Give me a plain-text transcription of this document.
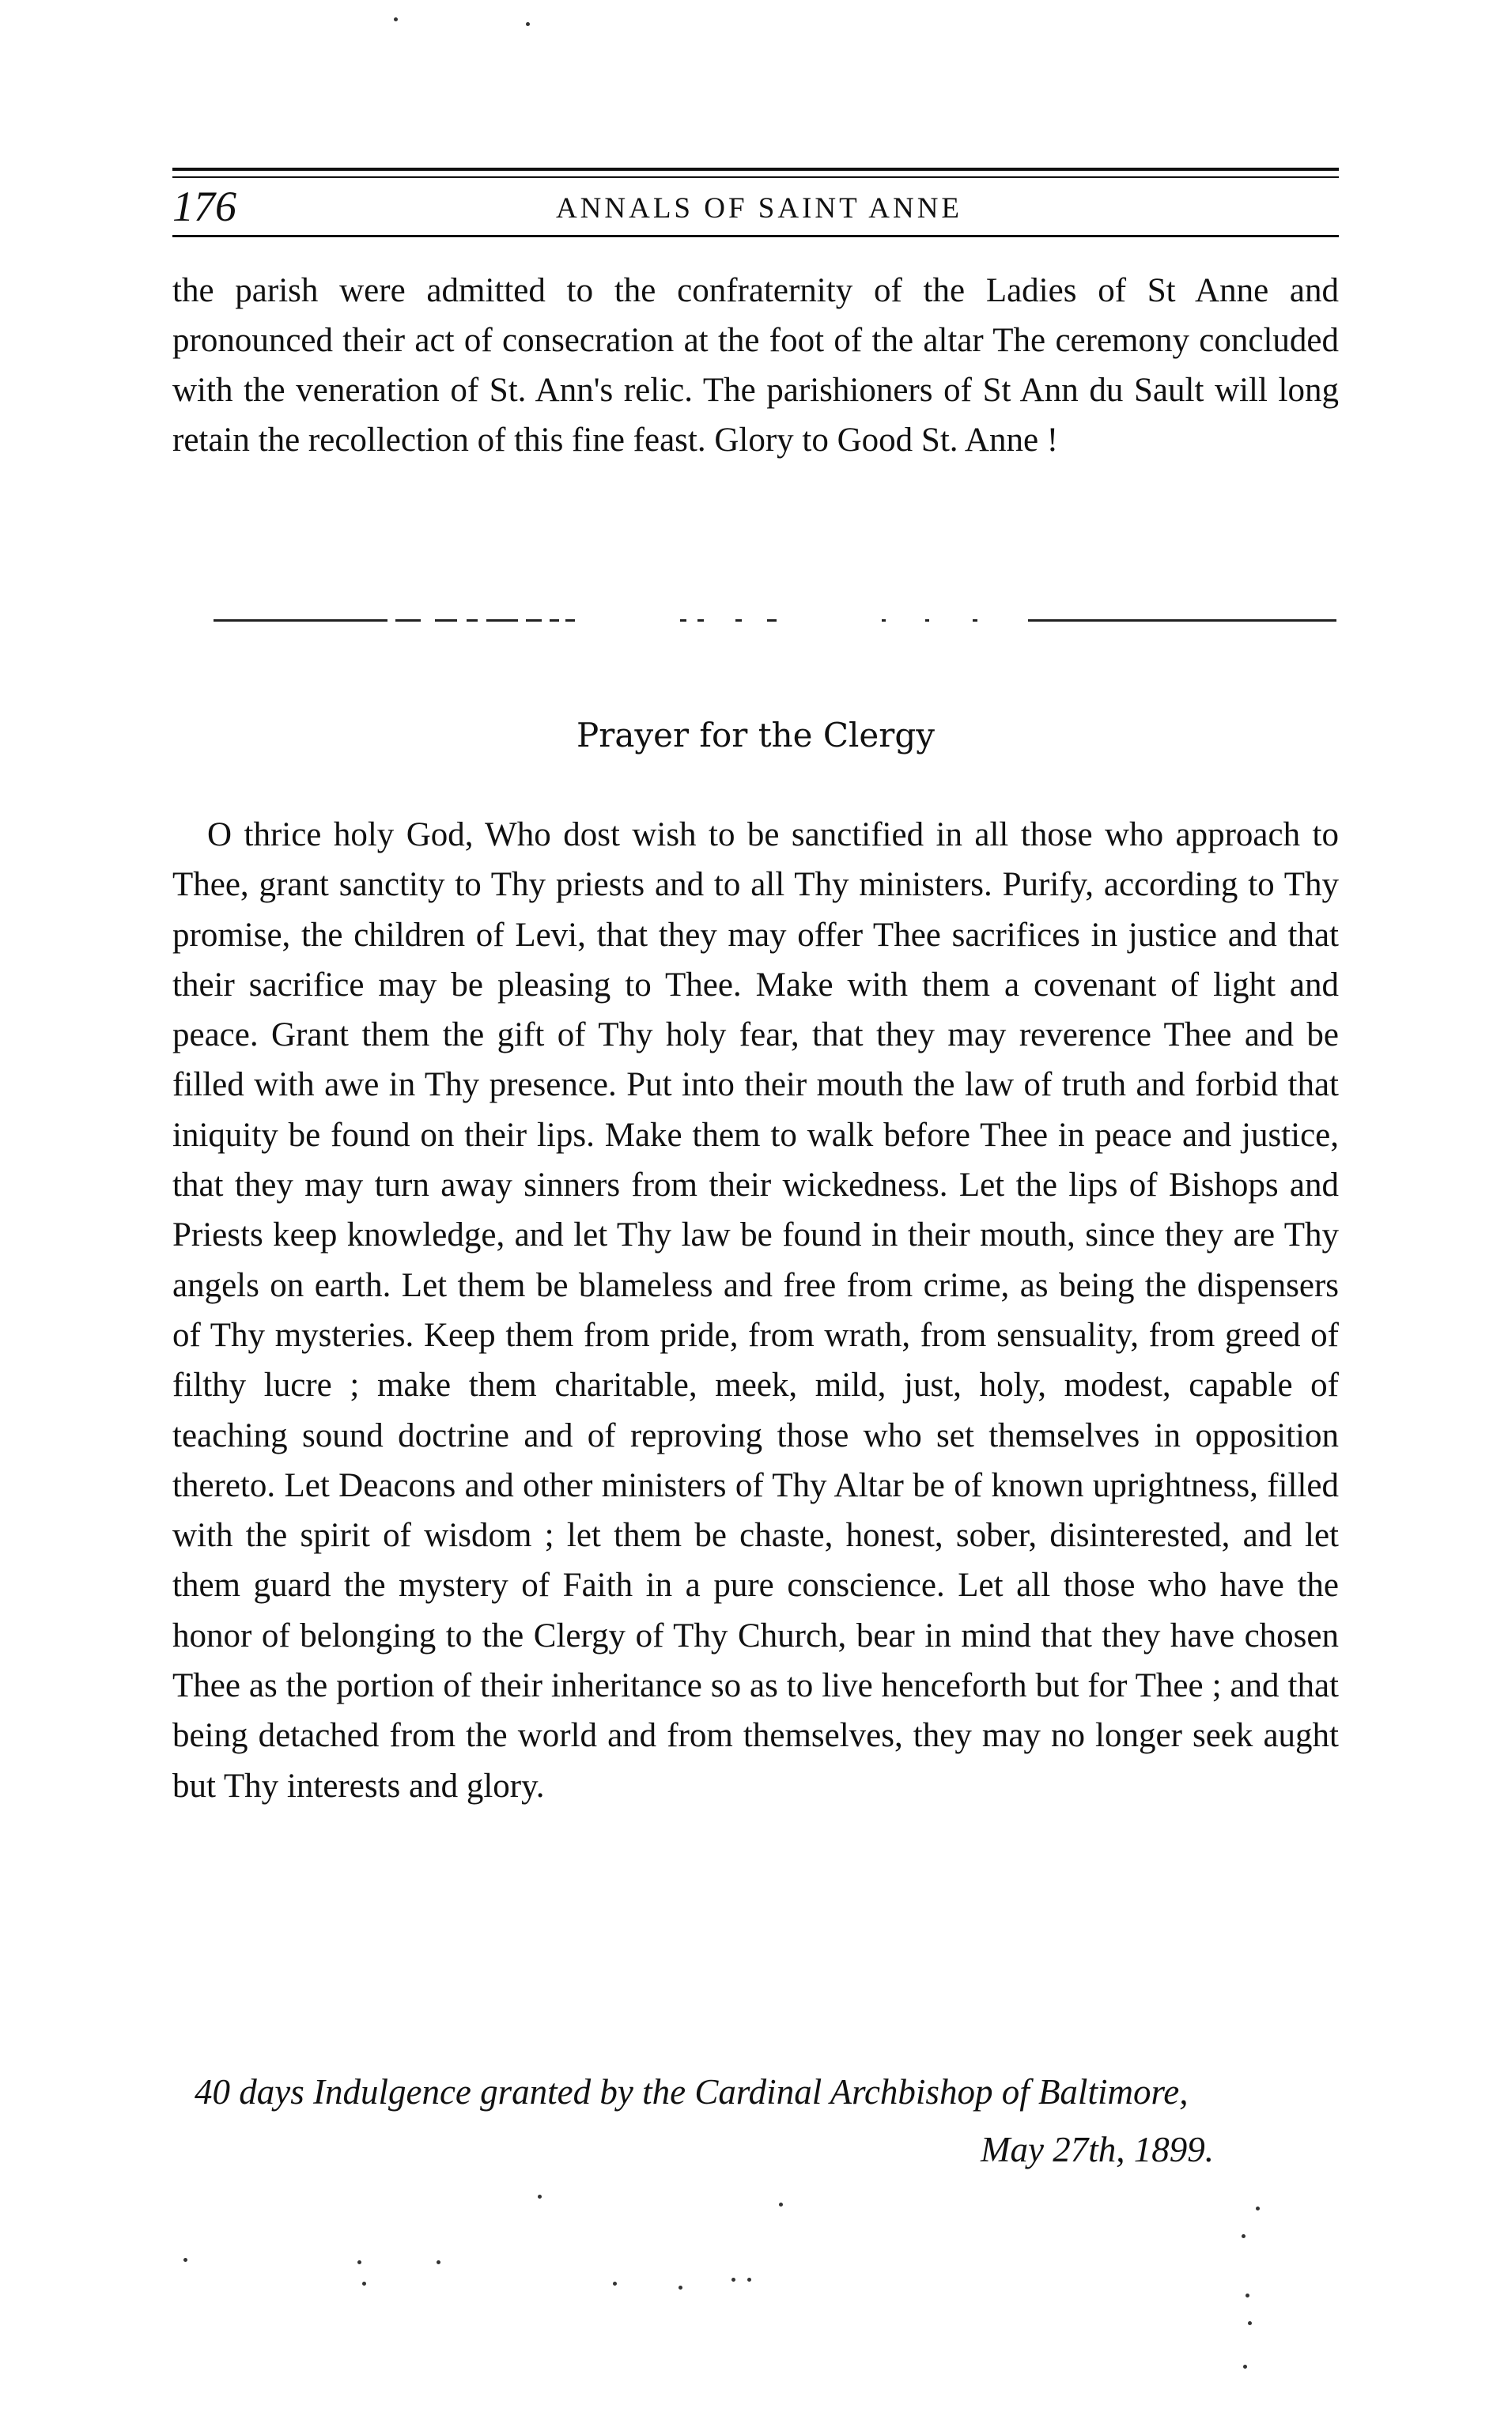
176	ANNALS OF SAINT ANNE

the parish were admitted to the confraternity of the Ladies of St Anne and pronounced their act of consecration at the foot of the altar The ceremony concluded with the veneration of St. Ann's relic. The parishioners of St Ann du Sault will long retain the recollection of this fine feast. Glory to Good St. Anne !

Prayer for the Clergy

O thrice holy God, Who dost wish to be sanctified in all those who approach to Thee, grant sanctity to Thy priests and to all Thy ministers. Purify, according to Thy promise, the children of Levi, that they may offer Thee sacrifices in justice and that their sacrifice may be pleasing to Thee. Make with them a covenant of light and peace. Grant them the gift of Thy holy fear, that they may reverence Thee and be filled with awe in Thy presence. Put into their mouth the law of truth and forbid that iniquity be found on their lips. Make them to walk before Thee in peace and justice, that they may turn away sinners from their wickedness. Let the lips of Bishops and Priests keep knowledge, and let Thy law be found in their mouth, since they are Thy angels on earth. Let them be blameless and free from crime, as being the dispensers of Thy mysteries. Keep them from pride, from wrath, from sensuality, from greed of filthy lucre ; make them charitable, meek, mild, just, holy, modest, capable of teaching sound doctrine and of reproving those who set themselves in opposition thereto. Let Deacons and other ministers of Thy Altar be of known uprightness, filled with the spirit of wisdom ; let them be chaste, honest, sober, disinterested, and let them guard the mystery of Faith in a pure conscience. Let all those who have the honor of belonging to the Clergy of Thy Church, bear in mind that they have chosen Thee as the portion of their inheritance so as to live henceforth but for Thee ; and that being detached from the world and from themselves, they may no longer seek aught but Thy interests and glory.

40 days Indulgence granted by the Cardinal Archbishop of Baltimore,
May 27th, 1899.
